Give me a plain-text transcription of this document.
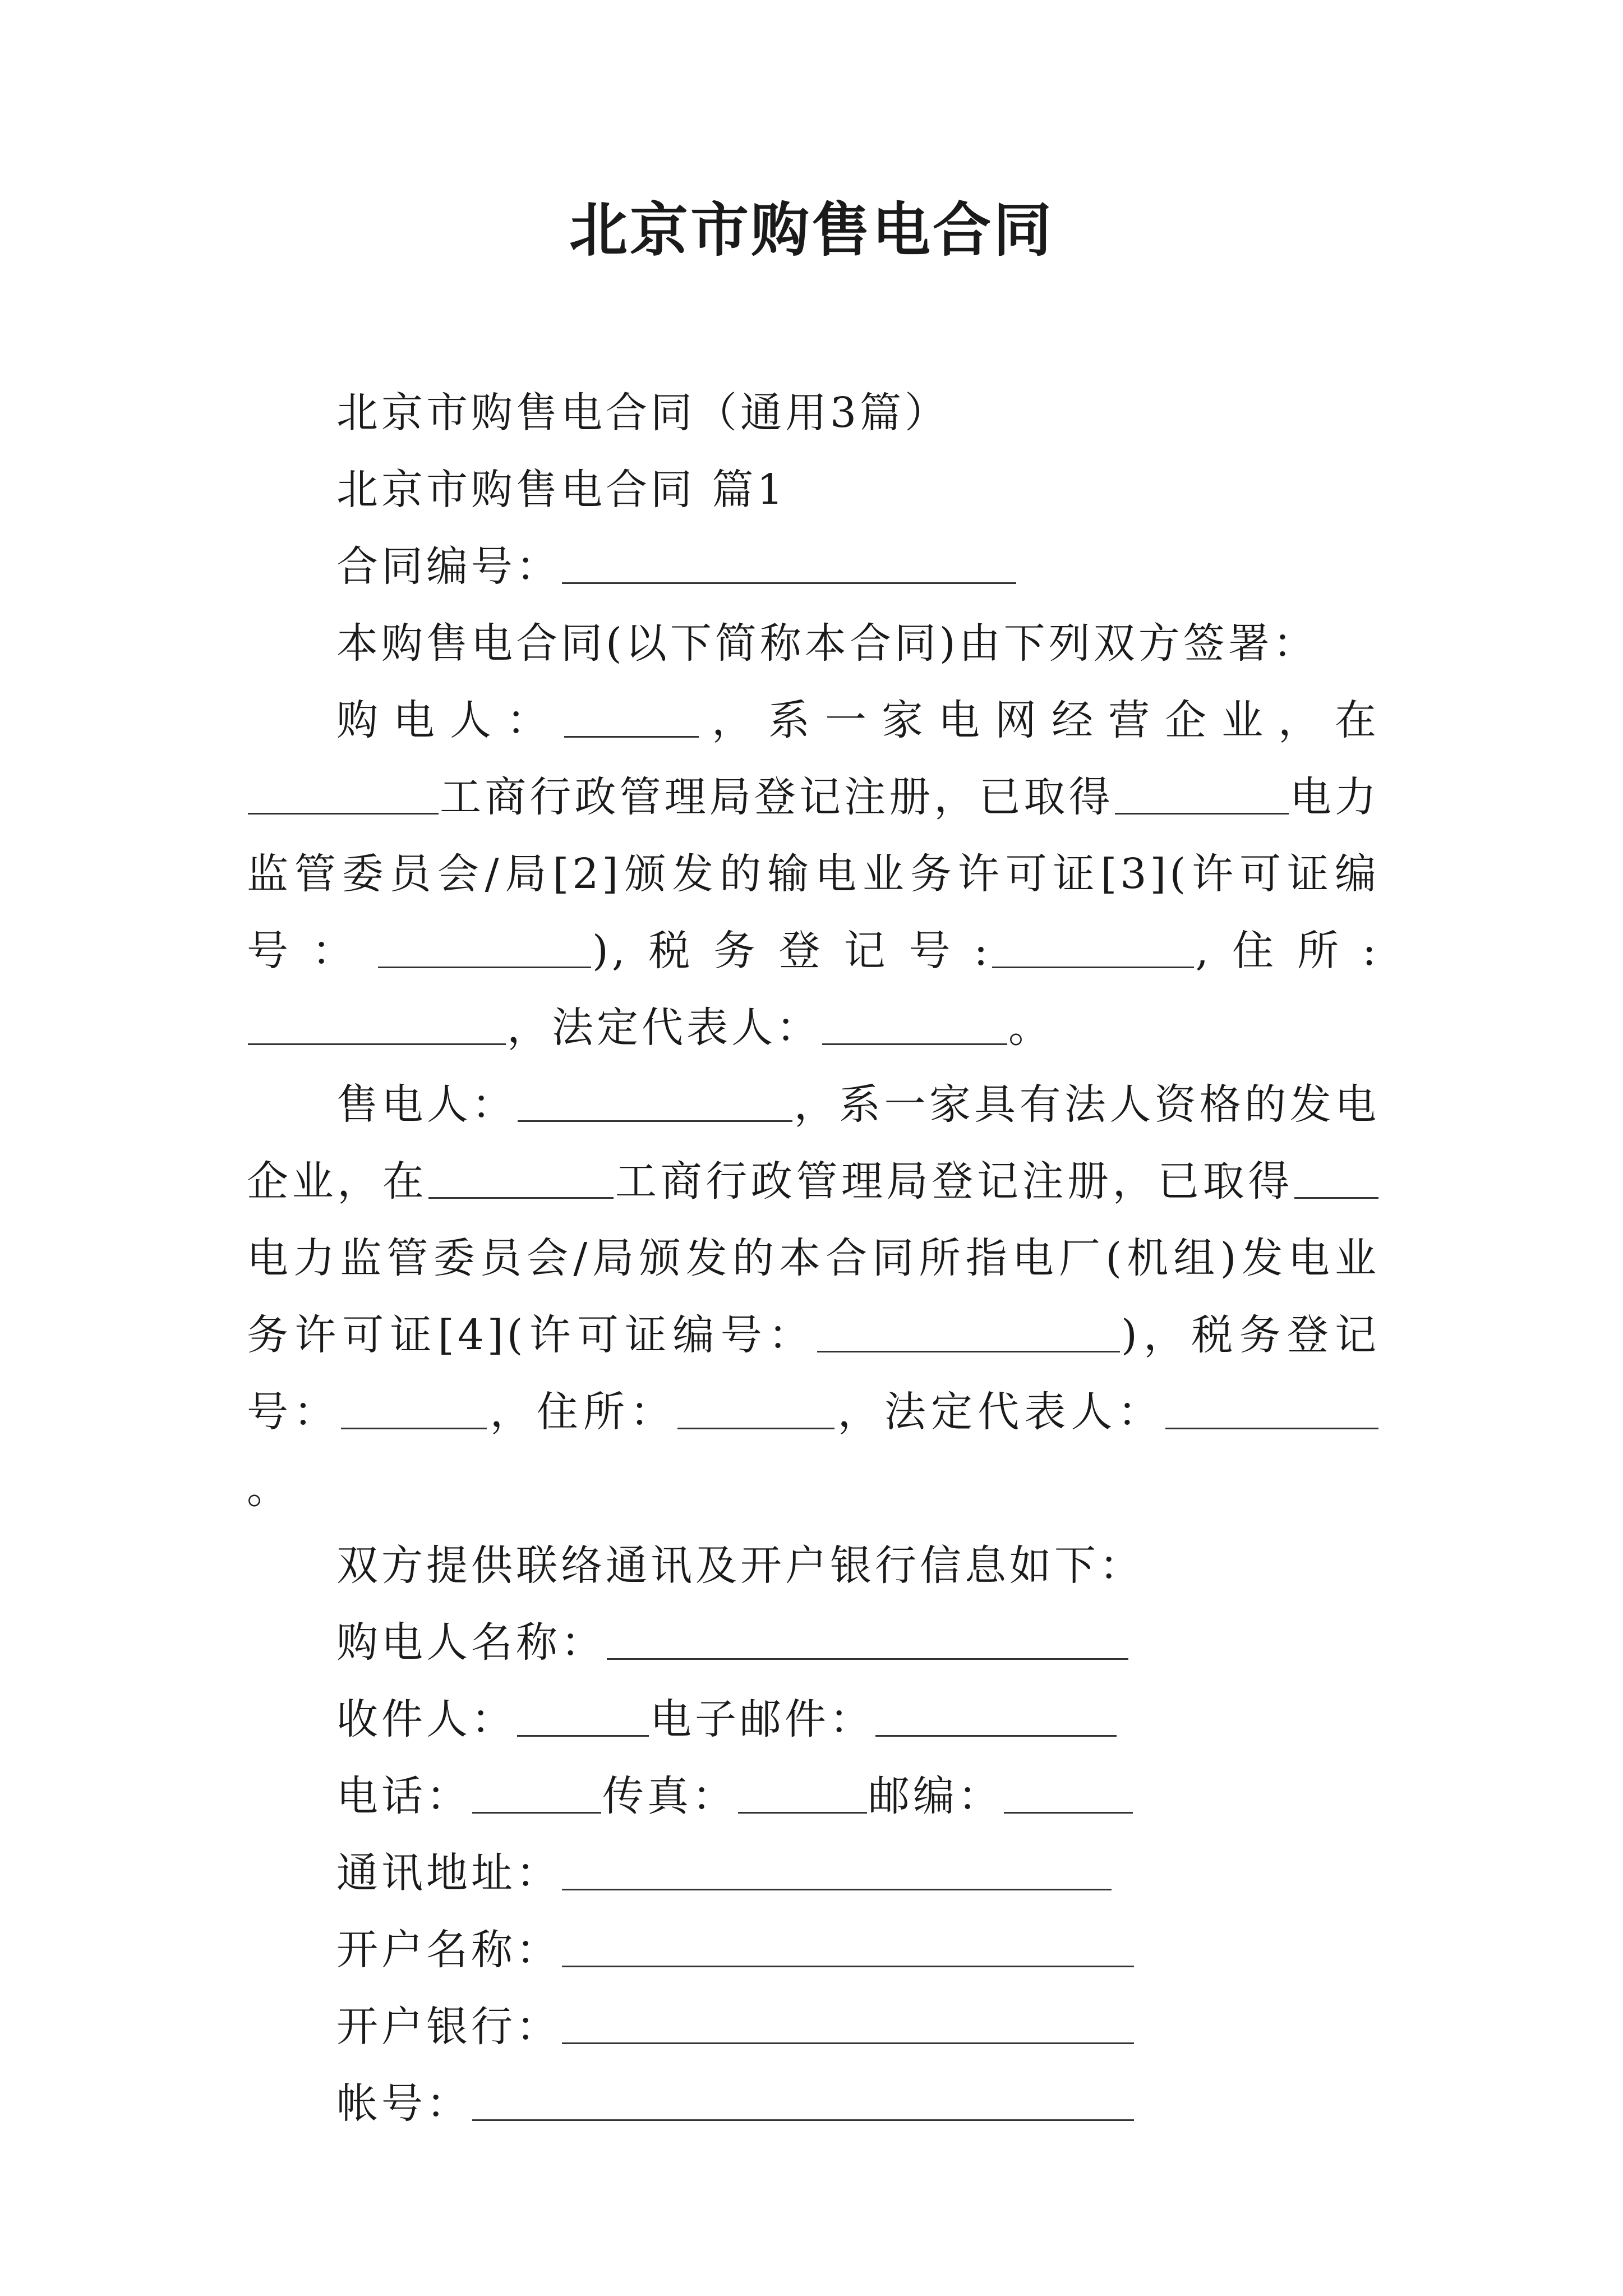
北京市购售电合同

北京市购售电合同（通用3篇）

北京市购售电合同 篇1

合同编号：

本购售电合同(以下简称本合同)由下列双方签署：

购电人：	，系一家电网经营企业，在工商行政管理局登记注册，已取得	电力监管委员会/局[2]颁发的输电业务许可证[3](许可证编号：	),税务登记号:	,住所:，法定代表人：	。

售电人：	，系一家具有法人资格的发电企业，在	工商行政管理局登记注册，已取得电力监管委员会/局颁发的本合同所指电厂(机组)发电业务许可证[4](许可证编号：	)，税务登记号：	，住所：	，法定代表人：。

双方提供联络通讯及开户银行信息如下：

购电人名称：

收件人：	电子邮件：

电话：	传真：	邮编：

通讯地址：

开户名称：

开户银行：

帐号：
